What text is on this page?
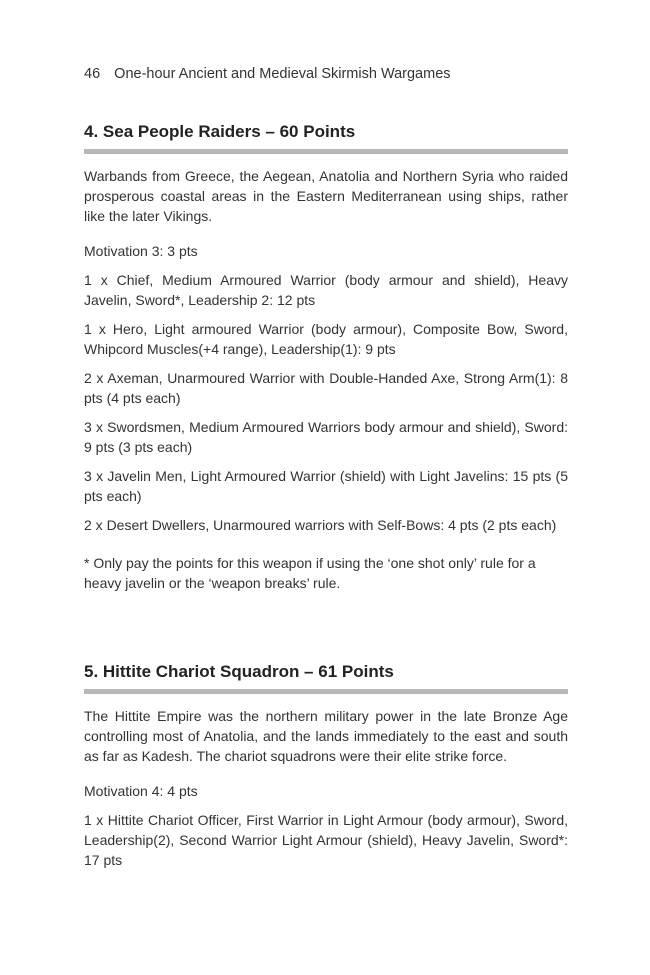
46 One-hour Ancient and Medieval Skirmish Wargames
4. Sea People Raiders – 60 Points

Warbands from Greece, the Aegean, Anatolia and Northern Syria who raided prosperous coastal areas in the Eastern Mediterranean using ships, rather like the later Vikings.

Motivation 3: 3 pts

1 x Chief, Medium Armoured Warrior (body armour and shield), Heavy Javelin, Sword*, Leadership 2: 12 pts

1 x Hero, Light armoured Warrior (body armour), Composite Bow, Sword, Whipcord Muscles(+4 range), Leadership(1): 9 pts

2 x Axeman, Unarmoured Warrior with Double-Handed Axe, Strong Arm(1): 8 pts (4 pts each)

3 x Swordsmen, Medium Armoured Warriors body armour and shield), Sword: 9 pts (3 pts each)

3 x Javelin Men, Light Armoured Warrior (shield) with Light Javelins: 15 pts (5 pts each)

2 x Desert Dwellers, Unarmoured warriors with Self-Bows: 4 pts (2 pts each)

* Only pay the points for this weapon if using the ‘one shot only’ rule for a heavy javelin or the ‘weapon breaks’ rule.

5. Hittite Chariot Squadron – 61 Points

The Hittite Empire was the northern military power in the late Bronze Age controlling most of Anatolia, and the lands immediately to the east and south as far as Kadesh. The chariot squadrons were their elite strike force.

Motivation 4: 4 pts

1 x Hittite Chariot Officer, First Warrior in Light Armour (body armour), Sword, Leadership(2), Second Warrior Light Armour (shield), Heavy Javelin, Sword*: 17 pts
